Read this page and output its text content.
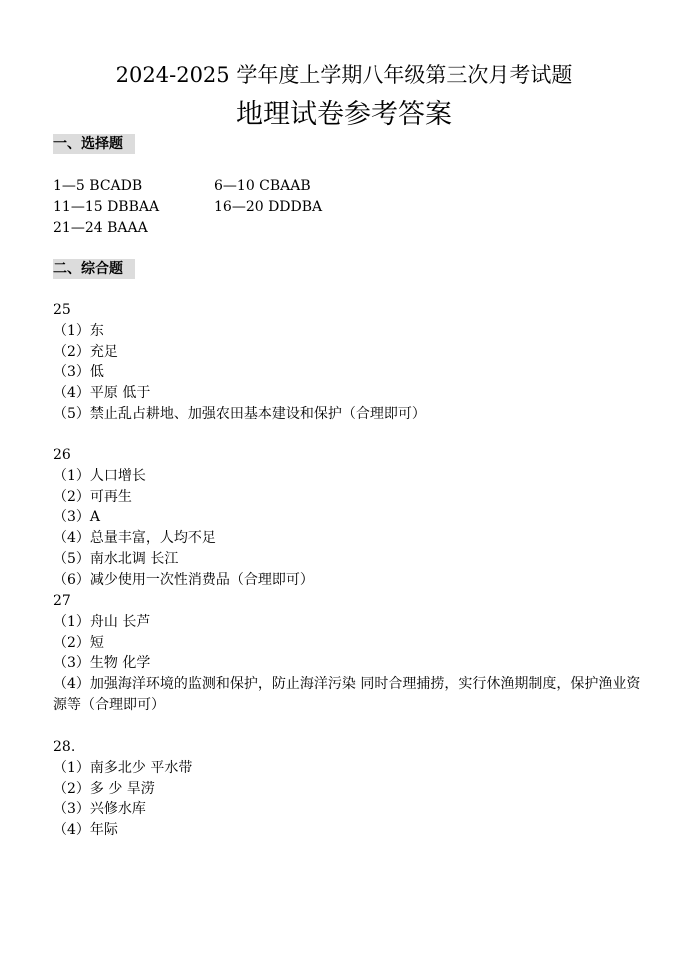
2024-2025 学年度上学期八年级第三次月考试题
地理试卷参考答案
一、选择题
1—5 BCADB	6—10 CBAAB
11—15 DBBAA	16—20 DDDBA
21—24 BAAA
二、综合题
25
（1）东
（2）充足
（3）低
（4）平原 低于
（5）禁止乱占耕地、加强农田基本建设和保护（合理即可）
26
（1）人口增长
（2）可再生
（3）A
（4）总量丰富，人均不足
（5）南水北调 长江
（6）减少使用一次性消费品（合理即可）
27
（1）舟山 长芦
（2）短
（3）生物 化学
（4）加强海洋环境的监测和保护，防止海洋污染 同时合理捕捞，实行休渔期制度，保护渔业资源等（合理即可）
28.
（1）南多北少 平水带
（2）多 少 旱涝
（3）兴修水库
（4）年际
